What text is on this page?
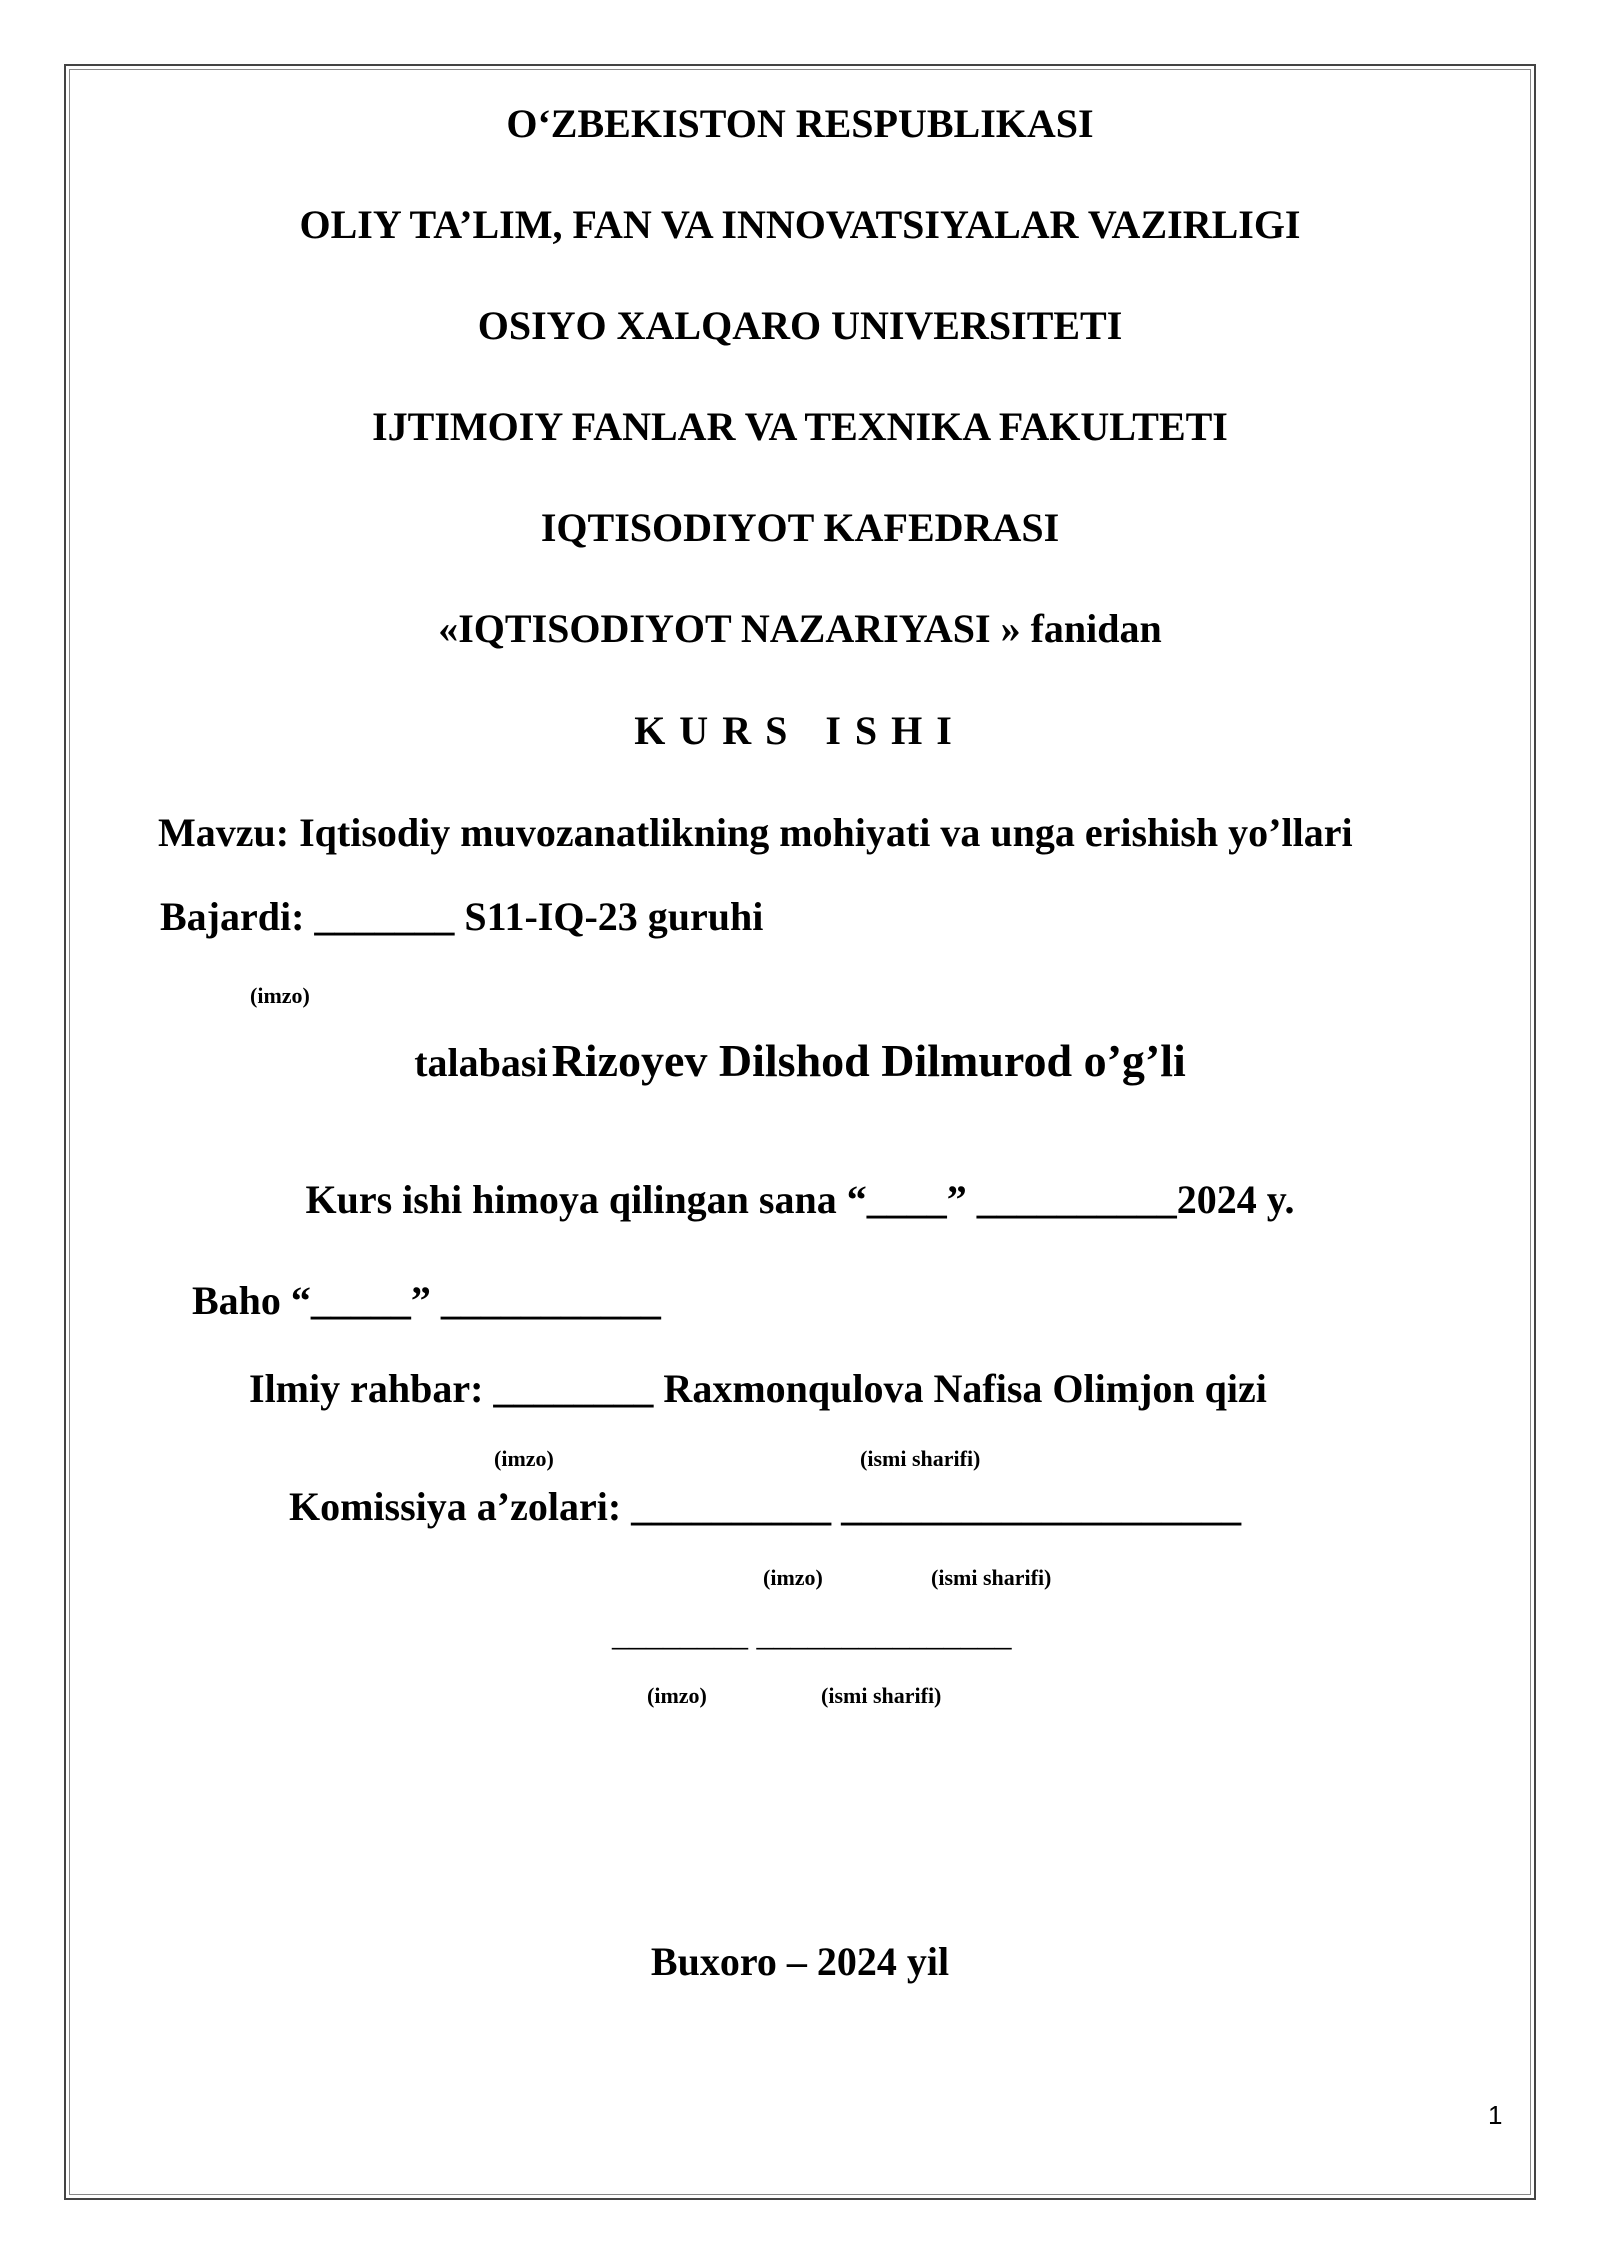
O‘ZBEKISTON RESPUBLIKASI
OLIY TA’LIM, FAN VA INNOVATSIYALAR VAZIRLIGI
OSIYO XALQARO UNIVERSITETI
IJTIMOIY FANLAR VA TEXNIKA FAKULTETI
IQTISODIYOT KAFEDRASI
«IQTISODIYOT NAZARIYASI » fanidan
KURS ISHI
Mavzu: Iqtisodiy muvozanatlikning mohiyati va unga erishish yo’llari
Bajardi: _______ S11-IQ-23 guruhi
(imzo)
talabasi Rizoyev Dilshod Dilmurod o’g’li
Kurs ishi himoya qilingan sana “____” __________2024 y.
Baho “_____” ___________
Ilmiy rahbar: ________ Raxmonqulova Nafisa Olimjon qizi
(imzo)	(ismi sharifi)
Komissiya a’zolari: __________ ____________________
(imzo)	(ismi sharifi)
________ _______________
(imzo)	(ismi sharifi)
Buxoro – 2024 yil
1
